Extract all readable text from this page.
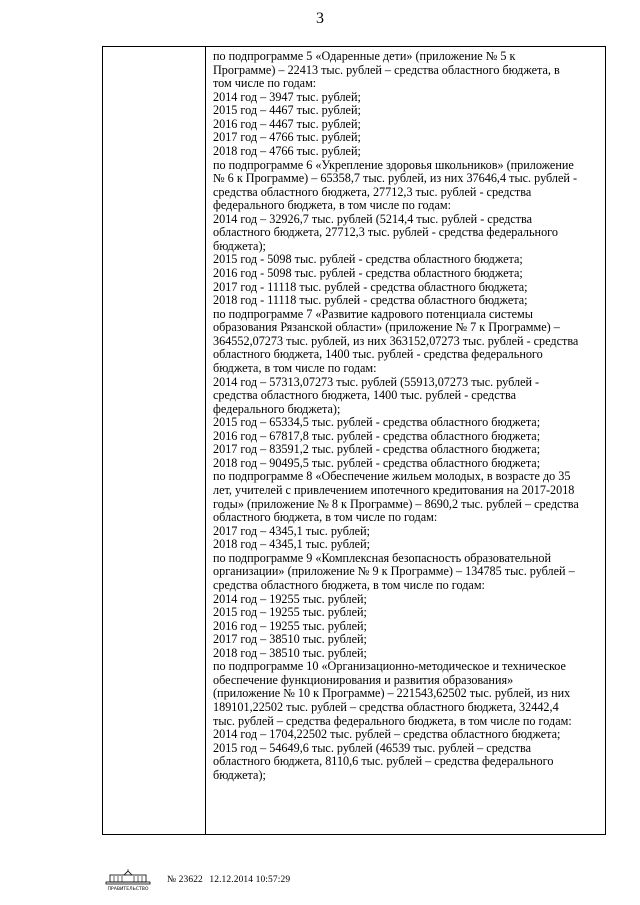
3
по подпрограмме 5 «Одаренные дети» (приложение № 5 к
Программе) – 22413 тыс. рублей – средства областного бюджета, в
том числе по годам:
2014 год – 3947 тыс. рублей;
2015 год – 4467 тыс. рублей;
2016 год – 4467 тыс. рублей;
2017 год – 4766 тыс. рублей;
2018 год – 4766 тыс. рублей;
по подпрограмме 6 «Укрепление здоровья школьников» (приложение
№ 6 к Программе) – 65358,7 тыс. рублей, из них 37646,4 тыс. рублей -
средства областного бюджета, 27712,3 тыс. рублей - средства
федерального бюджета, в том числе по годам:
2014 год – 32926,7 тыс. рублей (5214,4 тыс. рублей - средства
областного бюджета, 27712,3 тыс. рублей - средства федерального
бюджета);
2015 год - 5098 тыс. рублей - средства областного бюджета;
2016 год - 5098 тыс. рублей - средства областного бюджета;
2017 год - 11118 тыс. рублей - средства областного бюджета;
2018 год - 11118 тыс. рублей - средства областного бюджета;
по подпрограмме 7 «Развитие кадрового потенциала системы
образования Рязанской области» (приложение № 7 к Программе) –
364552,07273 тыс. рублей, из них 363152,07273 тыс. рублей - средства
областного бюджета, 1400 тыс. рублей - средства федерального
бюджета, в том числе по годам:
2014 год – 57313,07273 тыс. рублей (55913,07273 тыс. рублей -
средства областного бюджета, 1400 тыс. рублей - средства
федерального бюджета);
2015 год – 65334,5 тыс. рублей - средства областного бюджета;
2016 год – 67817,8 тыс. рублей - средства областного бюджета;
2017 год – 83591,2 тыс. рублей - средства областного бюджета;
2018 год – 90495,5 тыс. рублей - средства областного бюджета;
по подпрограмме 8 «Обеспечение жильем молодых, в возрасте до 35
лет, учителей с привлечением ипотечного кредитования на 2017-2018
годы» (приложение № 8 к Программе) – 8690,2 тыс. рублей – средства
областного бюджета, в том числе по годам:
2017 год – 4345,1 тыс. рублей;
2018 год – 4345,1 тыс. рублей;
по подпрограмме 9 «Комплексная безопасность образовательной
организации» (приложение № 9 к Программе) – 134785 тыс. рублей –
средства областного бюджета, в том числе по годам:
2014 год – 19255 тыс. рублей;
2015 год – 19255 тыс. рублей;
2016 год – 19255 тыс. рублей;
2017 год – 38510 тыс. рублей;
2018 год – 38510 тыс. рублей;
по подпрограмме 10 «Организационно-методическое и техническое
обеспечение функционирования и развития образования»
(приложение № 10 к Программе) – 221543,62502 тыс. рублей, из них
189101,22502 тыс. рублей – средства областного бюджета, 32442,4
тыс. рублей – средства федерального бюджета, в том числе по годам:
2014 год – 1704,22502 тыс. рублей – средства областного бюджета;
2015 год – 54649,6 тыс. рублей (46539 тыс. рублей – средства
областного бюджета, 8110,6 тыс. рублей – средства федерального
бюджета);
ПРАВИТЕЛЬСТВО
№ 23622 12.12.2014 10:57:29
